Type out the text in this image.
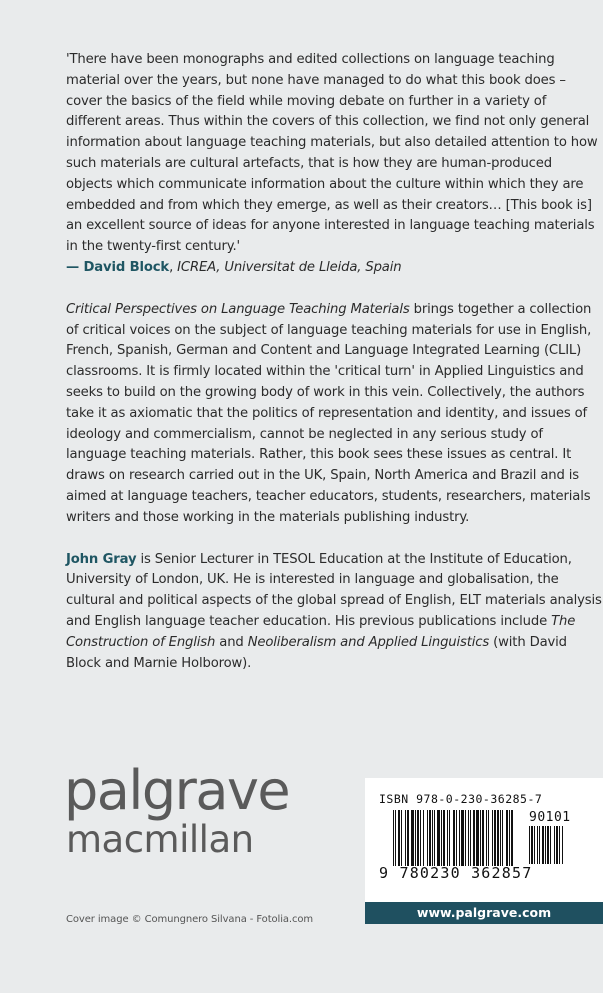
'There have been monographs and edited collections on language teaching material over the years, but none have managed to do what this book does – cover the basics of the field while moving debate on further in a variety of different areas. Thus within the covers of this collection, we find not only general information about language teaching materials, but also detailed attention to how such materials are cultural artefacts, that is how they are human-produced objects which communicate information about the culture within which they are embedded and from which they emerge, as well as their creators… [This book is] an excellent source of ideas for anyone interested in language teaching materials in the twenty-first century.'
— David Block, ICREA, Universitat de Lleida, Spain

Critical Perspectives on Language Teaching Materials brings together a collection of critical voices on the subject of language teaching materials for use in English, French, Spanish, German and Content and Language Integrated Learning (CLIL) classrooms. It is firmly located within the 'critical turn' in Applied Linguistics and seeks to build on the growing body of work in this vein. Collectively, the authors take it as axiomatic that the politics of representation and identity, and issues of ideology and commercialism, cannot be neglected in any serious study of language teaching materials. Rather, this book sees these issues as central. It draws on research carried out in the UK, Spain, North America and Brazil and is aimed at language teachers, teacher educators, students, researchers, materials writers and those working in the materials publishing industry.

John Gray is Senior Lecturer in TESOL Education at the Institute of Education, University of London, UK. He is interested in language and globalisation, the cultural and political aspects of the global spread of English, ELT materials analysis and English language teacher education. His previous publications include The Construction of English and Neoliberalism and Applied Linguistics (with David Block and Marnie Holborow).

palgrave
macmillan
Cover image © Comungnero Silvana - Fotolia.com
ISBN 978-0-230-36285-7
90101
9 780230 362857
www.palgrave.com
